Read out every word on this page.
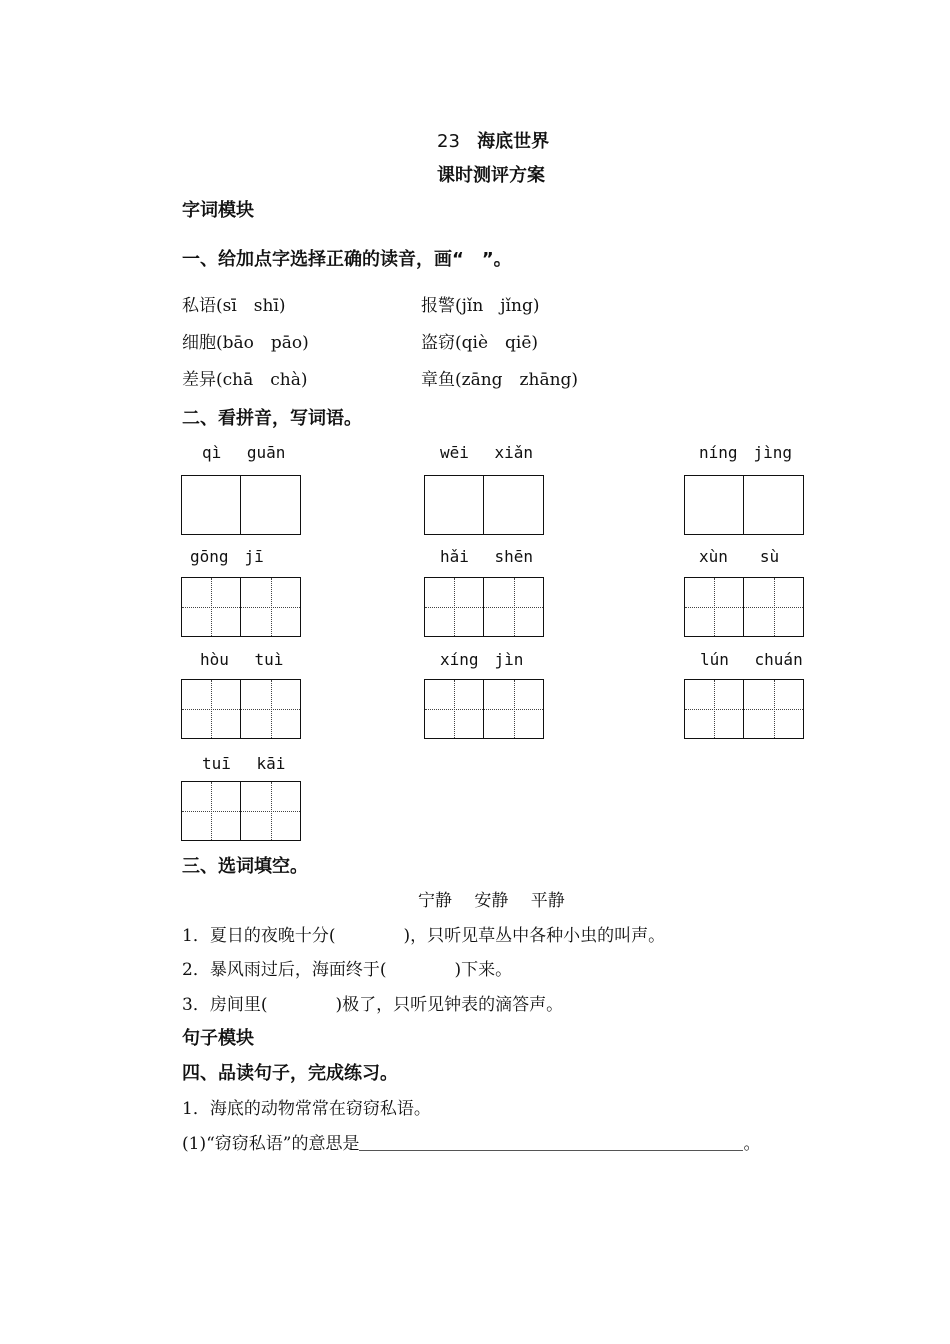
23 海底世界
课时测评方案
字词模块
一、给加点字选择正确的读音，画“　”。
私语(sī　shī)	报警(jǐn　jǐng)
细胞(bāo　pāo)	盗窃(qiè　qiē)
差异(chā　chà)	章鱼(zāng　zhāng)
二、看拼音，写词语。
qì　 guān	wēi　 xiǎn	níng　jìng
gōng　jī	hǎi　 shēn	xùn　　sù
hòu　 tuì	xíng　jìn	lún　 chuán
tuī　 kāi
三、选词填空。
宁静　 安静　 平静
1．夏日的夜晚十分(　　　　)，只听见草丛中各种小虫的叫声。
2．暴风雨过后，海面终于(　　　　)下来。
3．房间里(　　　　)极了，只听见钟表的滴答声。
句子模块
四、品读句子，完成练习。
1．海底的动物常常在窃窃私语。
(1)“窃窃私语”的意思是	。
